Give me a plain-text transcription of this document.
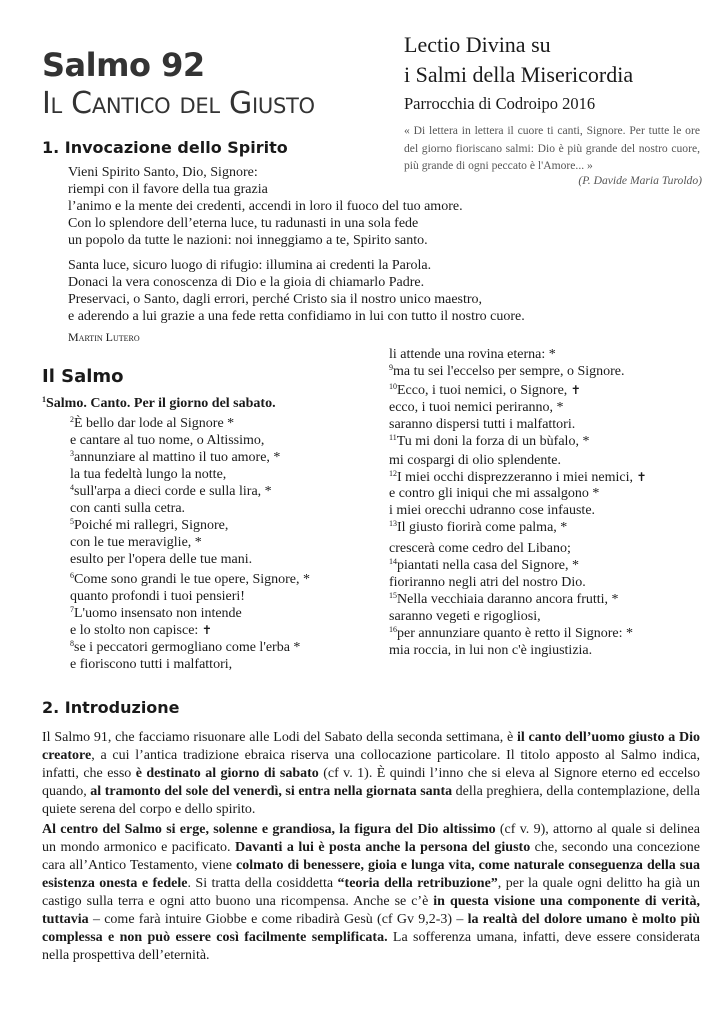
Salmo 92
Il Cantico del Giusto
Lectio Divina su
i Salmi della Misericordia
Parrocchia di Codroipo 2016
« Di lettera in lettera il cuore ti canti, Signore. Per tutte le ore del giorno fioriscano salmi: Dio è più grande del nostro cuore, più grande di ogni peccato è l'Amore... »
(P. Davide Maria Turoldo)
1. Invocazione dello Spirito
Vieni Spirito Santo, Dio, Signore:
riempi con il favore della tua grazia
l’animo e la mente dei credenti, accendi in loro il fuoco del tuo amore.
Con lo splendore dell’eterna luce, tu radunasti in una sola fede
un popolo da tutte le nazioni: noi inneggiamo a te, Spirito santo.
Santa luce, sicuro luogo di rifugio: illumina ai credenti la Parola.
Donaci la vera conoscenza di Dio e la gioia di chiamarlo Padre.
Preservaci, o Santo, dagli errori, perché Cristo sia il nostro unico maestro,
e aderendo a lui grazie a una fede retta confidiamo in lui con tutto il nostro cuore.
Martin Lutero
Il Salmo
$^1$Salmo. Canto. Per il giorno del sabato.
$^2$È bello dar lode al Signore *
e cantare al tuo nome, o Altissimo,
$^3$annunziare al mattino il tuo amore, *
la tua fedeltà lungo la notte,
$^4$sull'arpa a dieci corde e sulla lira, *
con canti sulla cetra.
$^5$Poiché mi rallegri, Signore,
con le tue meraviglie, *
esulto per l'opera delle tue mani.
$^6$Come sono grandi le tue opere, Signore, *
quanto profondi i tuoi pensieri!
$^7$L'uomo insensato non intende
e lo stolto non capisce: ✝
$^8$se i peccatori germogliano come l'erba *
e fioriscono tutti i malfattori,
li attende una rovina eterna: *
$^9$ma tu sei l'eccelso per sempre, o Signore.
$^{10}$Ecco, i tuoi nemici, o Signore, ✝
ecco, i tuoi nemici periranno, *
saranno dispersi tutti i malfattori.
$^{11}$Tu mi doni la forza di un bùfalo, *
mi cospargi di olio splendente.
$^{12}$I miei occhi disprezzeranno i miei nemici, ✝
e contro gli iniqui che mi assalgono *
i miei orecchi udranno cose infauste.
$^{13}$Il giusto fiorirà come palma, *
crescerà come cedro del Libano;
$^{14}$piantati nella casa del Signore, *
fioriranno negli atri del nostro Dio.
$^{15}$Nella vecchiaia daranno ancora frutti, *
saranno vegeti e rigogliosi,
$^{16}$per annunziare quanto è retto il Signore: *
mia roccia, in lui non c'è ingiustizia.
2. Introduzione
Il Salmo 91, che facciamo risuonare alle Lodi del Sabato della seconda settimana, è il canto dell’uomo giusto a Dio creatore, a cui l’antica tradizione ebraica riserva una collocazione particolare. Il titolo apposto al Salmo indica, infatti, che esso è destinato al giorno di sabato (cf v. 1). È quindi l’inno che si eleva al Signore eterno ed eccelso quando, al tramonto del sole del venerdì, si entra nella giornata santa della preghiera, della contemplazione, della quiete serena del corpo e dello spirito.
Al centro del Salmo si erge, solenne e grandiosa, la figura del Dio altissimo (cf v. 9), attorno al quale si delinea un mondo armonico e pacificato. Davanti a lui è posta anche la persona del giusto che, secondo una concezione cara all’Antico Testamento, viene colmato di benessere, gioia e lunga vita, come naturale conseguenza della sua esistenza onesta e fedele. Si tratta della cosiddetta “teoria della retribuzione”, per la quale ogni delitto ha già un castigo sulla terra e ogni atto buono una ricompensa. Anche se c’è in questa visione una componente di verità, tuttavia – come farà intuire Giobbe e come ribadirà Gesù (cf Gv 9,2-3) – la realtà del dolore umano è molto più complessa e non può essere così facilmente semplificata. La sofferenza umana, infatti, deve essere considerata nella prospettiva dell’eternità.
